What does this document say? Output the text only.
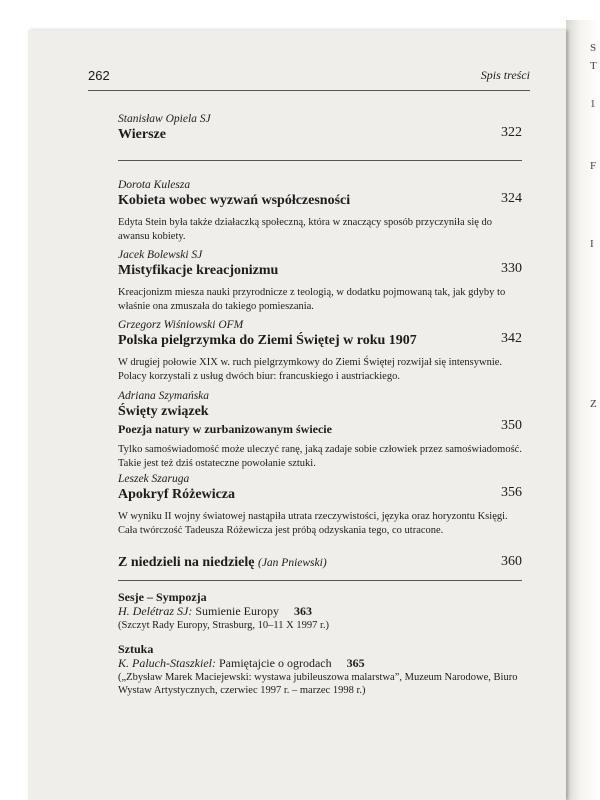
S
T
1
F
I
Z
262	Spis treści
Stanisław Opiela SJ
Wiersze	322
Dorota Kulesza
Kobieta wobec wyzwań współczesności	324
Edyta Stein była także działaczką społeczną, która w znaczący sposób przyczyniła się do awansu kobiety.
Jacek Bolewski SJ
Mistyfikacje kreacjonizmu	330
Kreacjonizm miesza nauki przyrodnicze z teologią, w dodatku pojmowaną tak, jak gdyby to właśnie ona zmuszała do takiego pomieszania.
Grzegorz Wiśniowski OFM
Polska pielgrzymka do Ziemi Świętej w roku 1907	342
W drugiej połowie XIX w. ruch pielgrzymkowy do Ziemi Świętej rozwijał się intensywnie. Polacy korzystali z usług dwóch biur: francuskiego i austriackiego.
Adriana Szymańska
Święty związek
Poezja natury w zurbanizowanym świecie	350
Tylko samoświadomość może uleczyć ranę, jaką zadaje sobie człowiek przez samoświadomość. Takie jest też dziś ostateczne powołanie sztuki.
Leszek Szaruga
Apokryf Różewicza	356
W wyniku II wojny światowej nastąpiła utrata rzeczywistości, języka oraz horyzontu Księgi. Cała twórczość Tadeusza Różewicza jest próbą odzyskania tego, co utracone.
Z niedzieli na niedzielę (Jan Pniewski)	360
Sesje – Sympozja
H. Delétraz SJ: Sumienie Europy 363
(Szczyt Rady Europy, Strasburg, 10–11 X 1997 r.)
Sztuka
K. Paluch-Staszkiel: Pamiętajcie o ogrodach 365
(„Zbysław Marek Maciejewski: wystawa jubileuszowa malarstwa”, Muzeum Narodowe, Biuro Wystaw Artystycznych, czerwiec 1997 r. – marzec 1998 r.)
